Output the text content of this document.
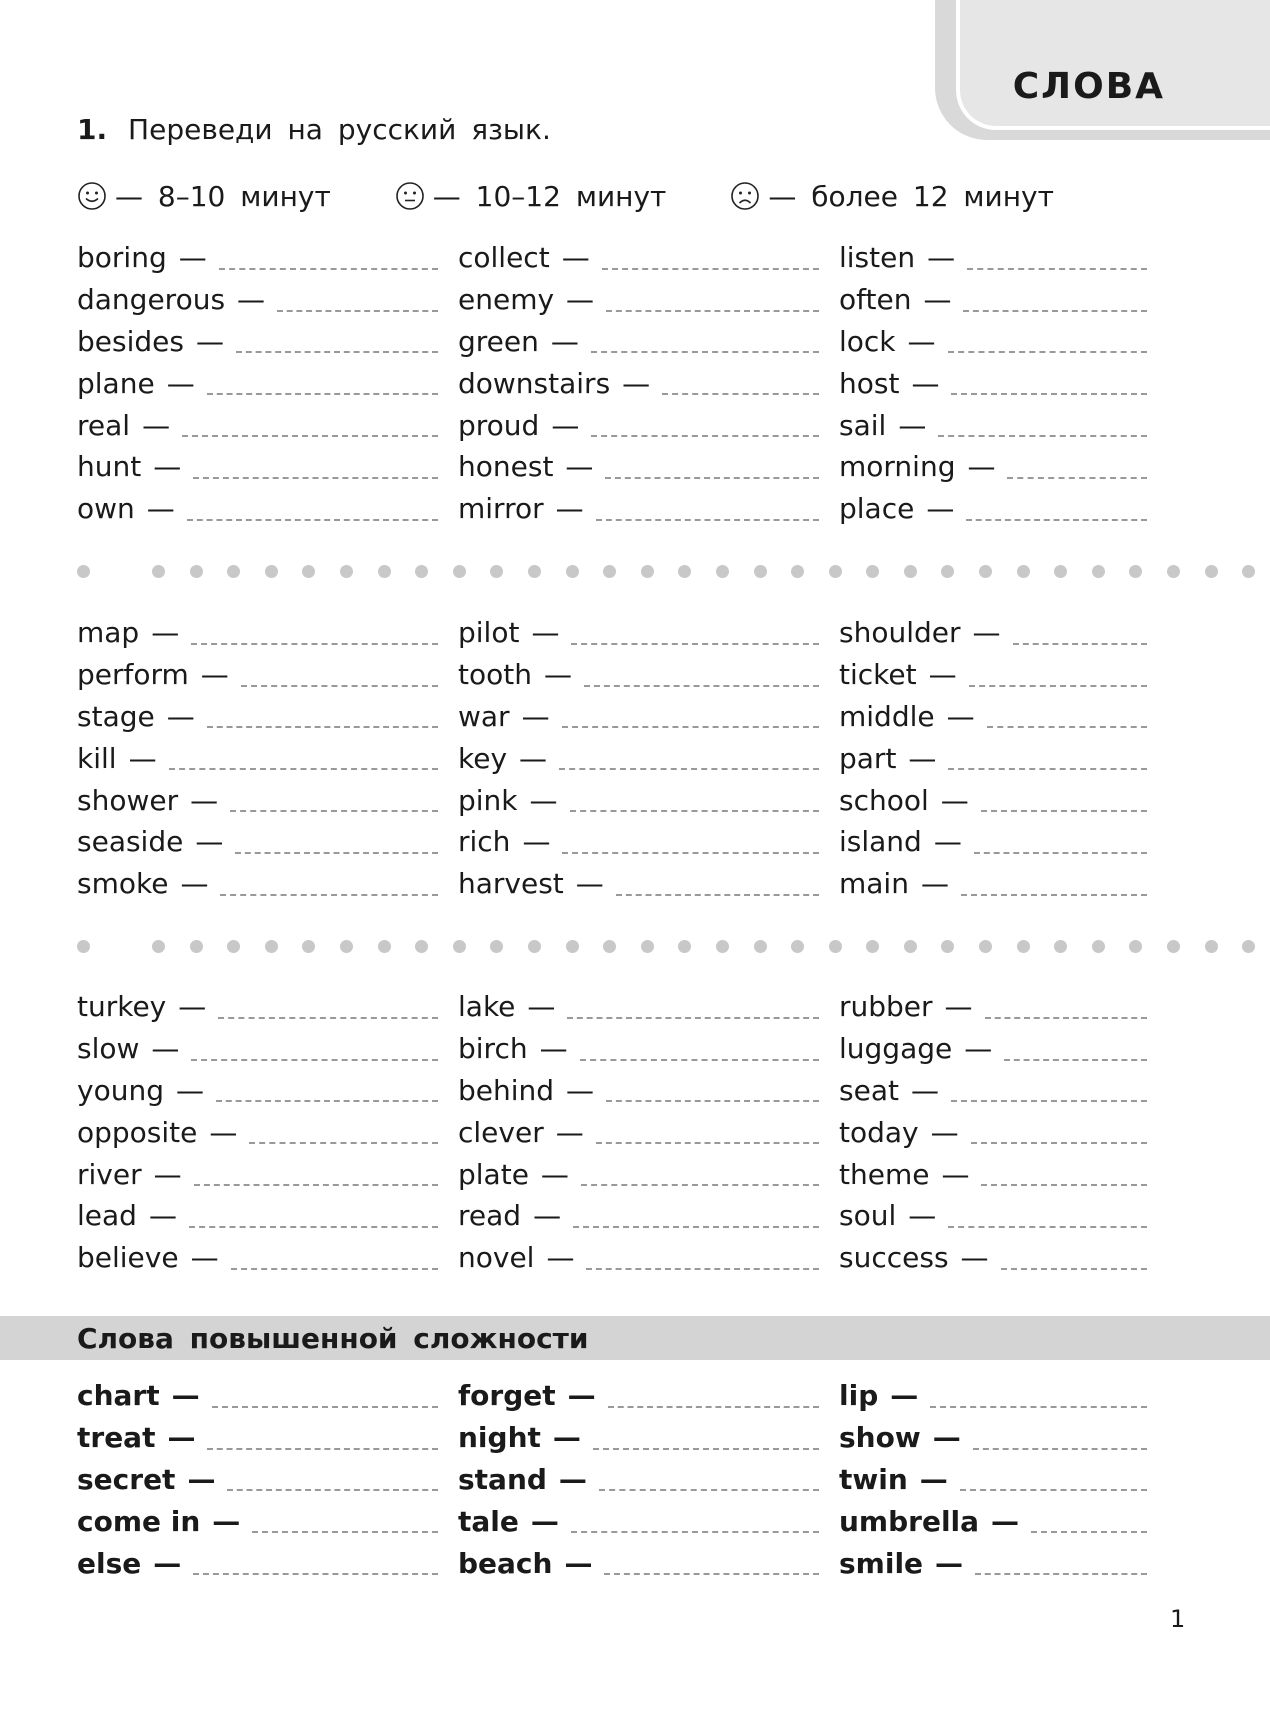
СЛОВА
1. Переведи на русский язык.
— 8–10 минут	— 10–12 минут	— более 12 минут
boring —
dangerous —
besides —
plane —
real —
hunt —
own —
collect —
enemy —
green —
downstairs —
proud —
honest —
mirror —
listen —
often —
lock —
host —
sail —
morning —
place —
map —
perform —
stage —
kill —
shower —
seaside —
smoke —
pilot —
tooth —
war —
key —
pink —
rich —
harvest —
shoulder —
ticket —
middle —
part —
school —
island —
main —
turkey —
slow —
young —
opposite —
river —
lead —
believe —
lake —
birch —
behind —
clever —
plate —
read —
novel —
rubber —
luggage —
seat —
today —
theme —
soul —
success —
Слова повышенной сложности
chart —
treat —
secret —
come in —
else —
forget —
night —
stand —
tale —
beach —
lip —
show —
twin —
umbrella —
smile —
1
